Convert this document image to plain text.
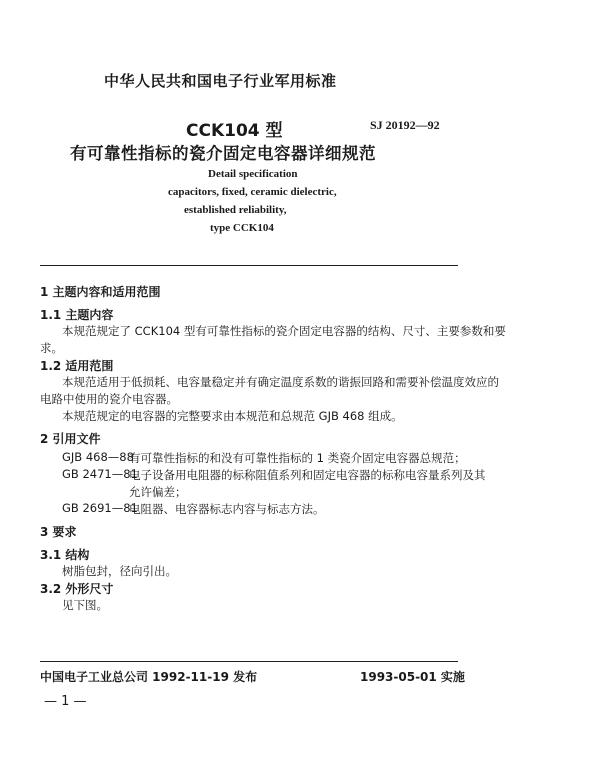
中华人民共和国电子行业军用标准
CCK104 型
有可靠性指标的瓷介固定电容器详细规范
SJ 20192—92
Detail specification
capacitors, fixed, ceramic dielectric,
established reliability,
type CCK104
1 主题内容和适用范围
1.1 主题内容
本规范规定了 CCK104 型有可靠性指标的瓷介固定电容器的结构、尺寸、主要参数和要
求。
1.2 适用范围
本规范适用于低损耗、电容量稳定并有确定温度系数的谐振回路和需要补偿温度效应的
电路中使用的瓷介电容器。
本规范规定的电容器的完整要求由本规范和总规范 GJB 468 组成。
2 引用文件
GJB 468—88
有可靠性指标的和没有可靠性指标的 1 类瓷介固定电容器总规范；
GB 2471—81
电子设备用电阻器的标称阻值系列和固定电容器的标称电容量系列及其
允许偏差；
GB 2691—81
电阻器、电容器标志内容与标志方法。
3 要求
3.1 结构
树脂包封，径向引出。
3.2 外形尺寸
见下图。
中国电子工业总公司 1992-11-19 发布	1993-05-01 实施
— 1 —
